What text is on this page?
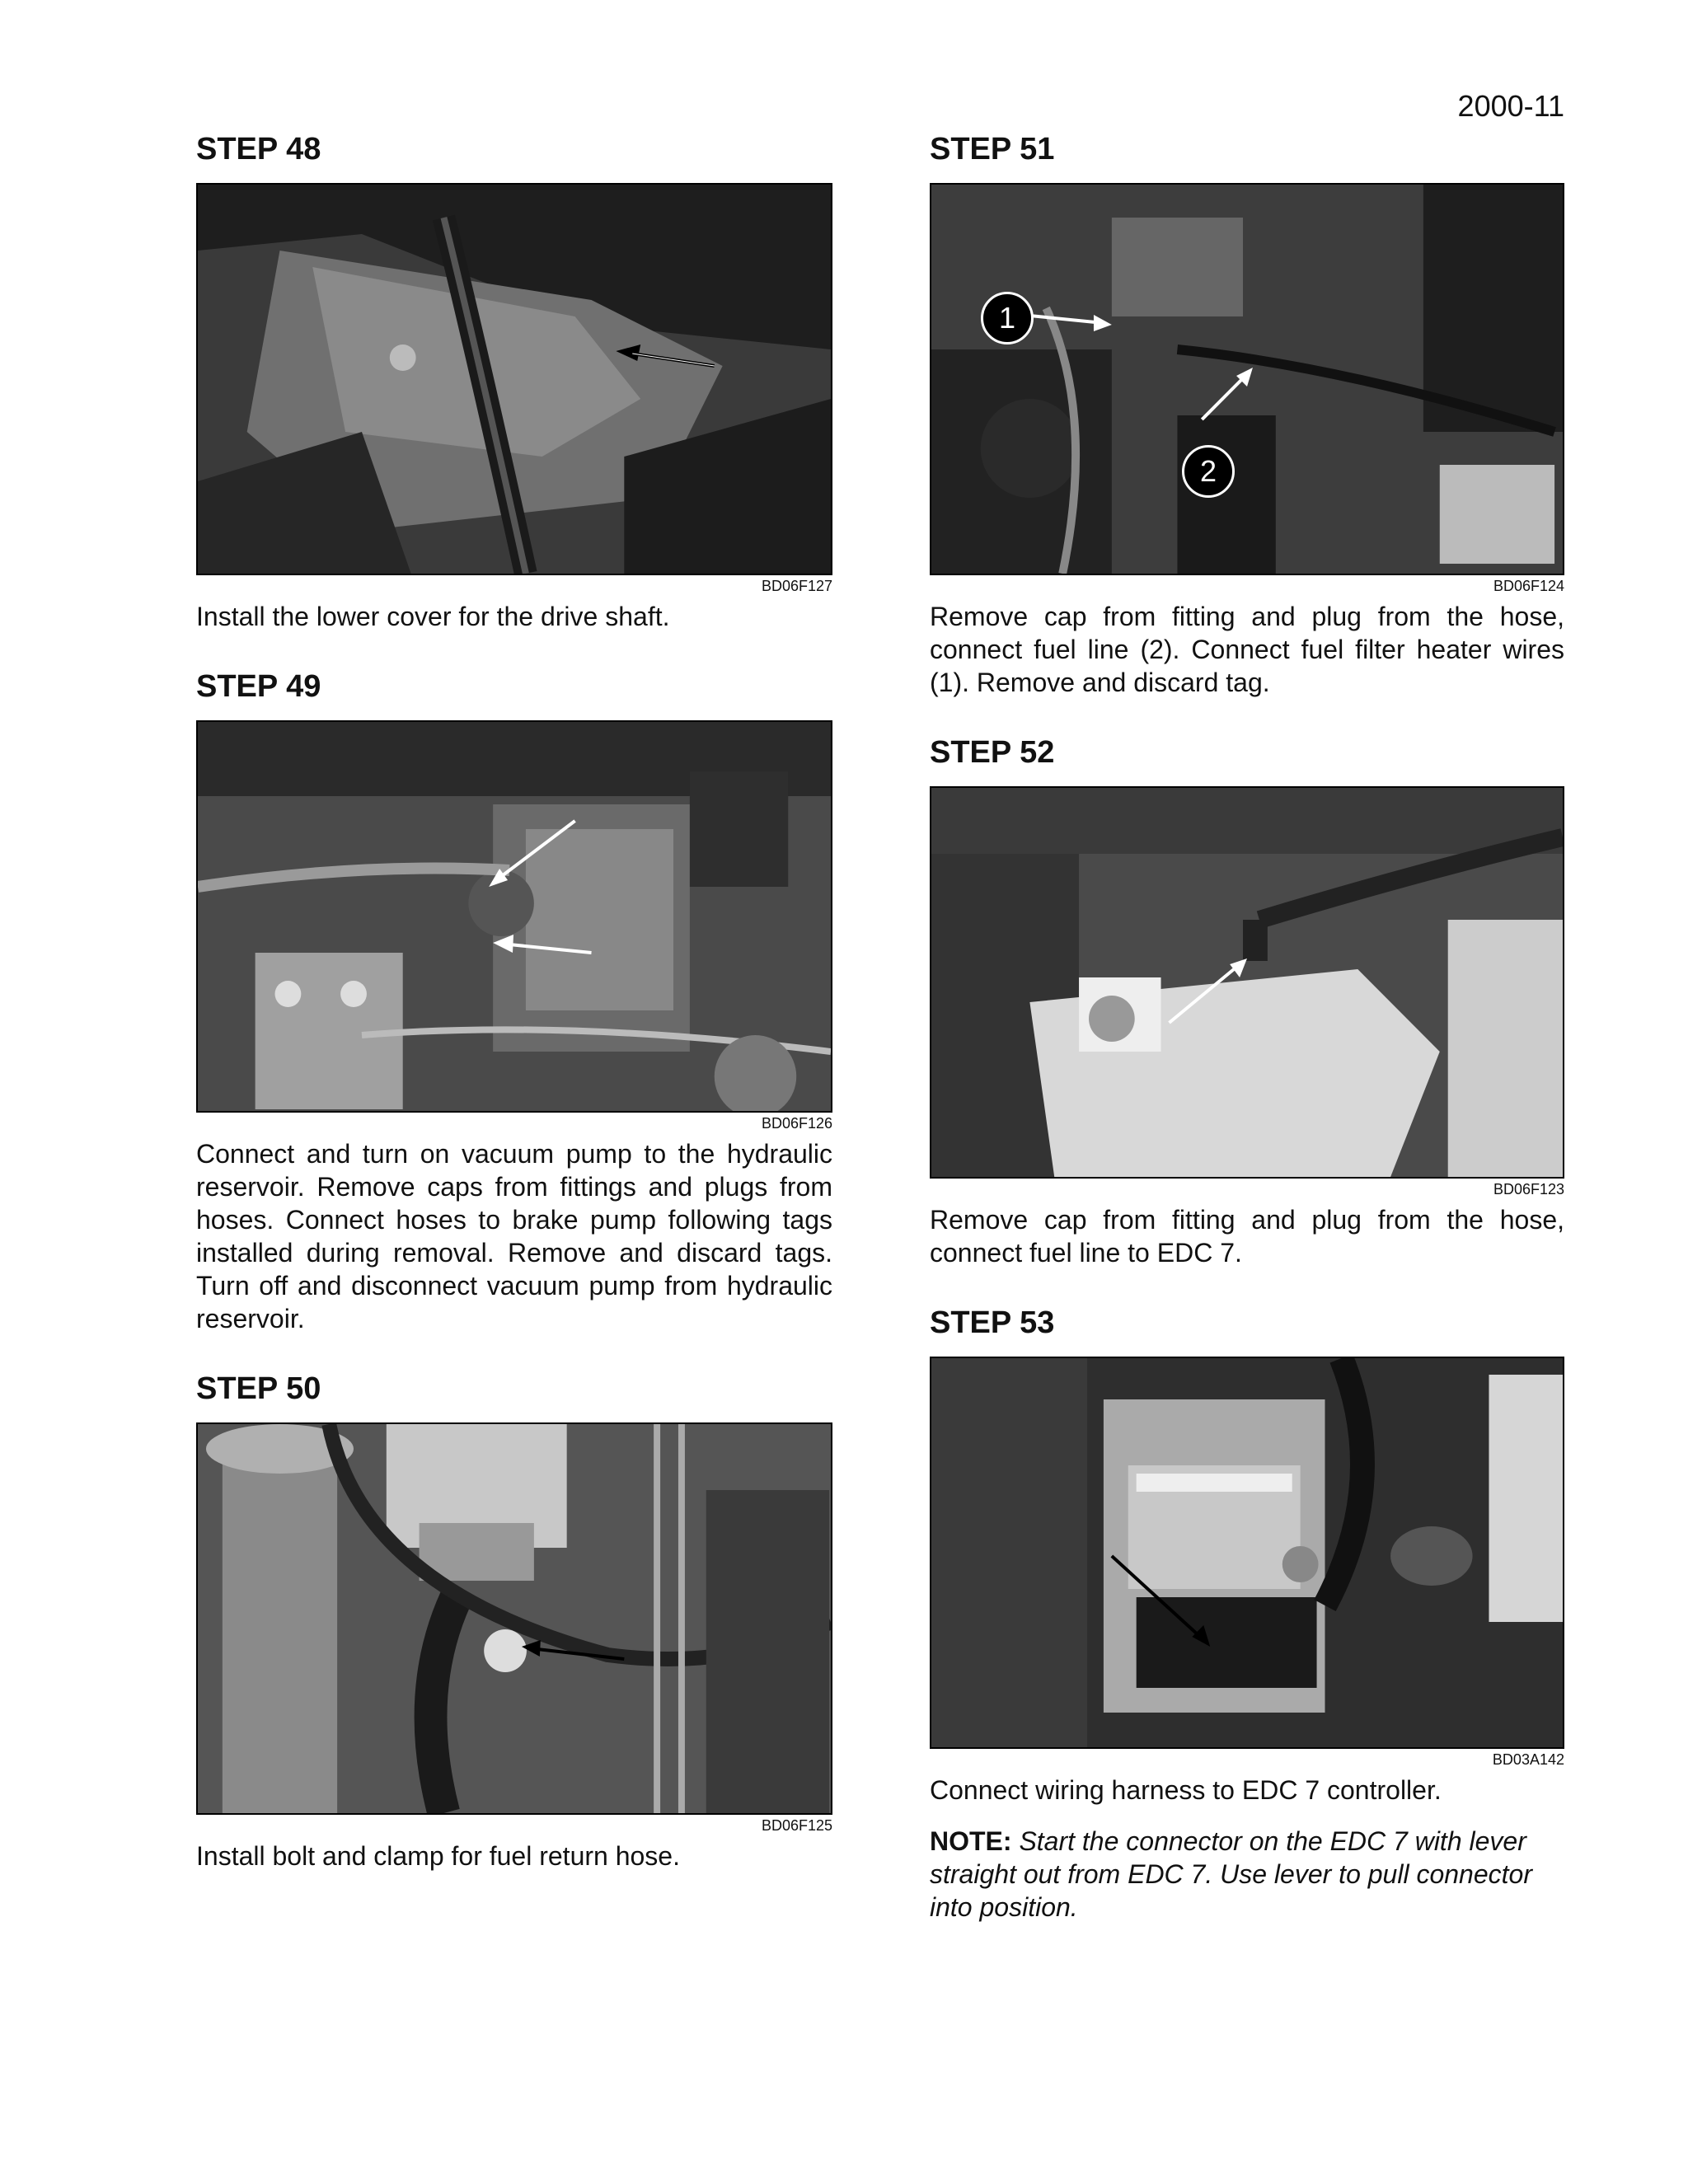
2000-11
STEP 48
BD06F127
Install the lower cover for the drive shaft.
STEP 49
BD06F126
Connect and turn on vacuum pump to the hydraulic reservoir. Remove caps from fittings and plugs from hoses. Connect hoses to brake pump following tags installed during removal. Remove and discard tags. Turn off and disconnect vacuum pump from hydraulic reservoir.
STEP 50
BD06F125
Install bolt and clamp for fuel return hose.
STEP 51
1
2
BD06F124
Remove cap from fitting and plug from the hose, connect fuel line (2). Connect fuel filter heater wires (1). Remove and discard tag.
STEP 52
BD06F123
Remove cap from fitting and plug from the hose, connect fuel line to EDC 7.
STEP 53
BD03A142
Connect wiring harness to EDC 7 controller.
NOTE: Start the connector on the EDC 7 with lever straight out from EDC 7. Use lever to pull connector into position.
